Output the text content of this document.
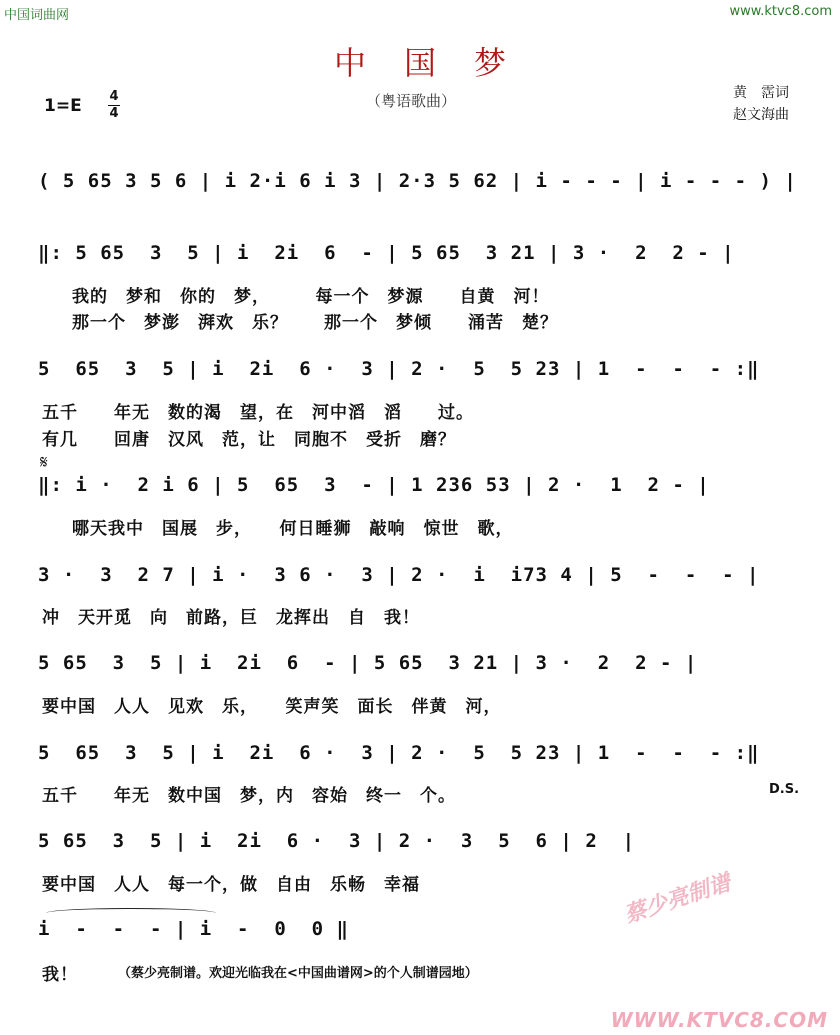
中国词曲网	www.ktvc8.com
中国梦
1=E 4
4
（粤语歌曲）	黄　霑词
赵文海曲
( 5 65 3 5 6 | i 2·i 6 i 3 | 2·3 5 62 | i - - - | i - - - ) |
‖: 5 65  3  5 | i  2i  6  - | 5 65  3 21 | 3 ·  2  2 - |
我的　梦和　你的　梦，　　　每一个　梦源　　自黄　河！
那一个　梦澎　湃欢　乐？　　那一个　梦倾　　涌苦　楚？
5  65  3  5 | i  2i  6 ·  3 | 2 ·  5  5 23 | 1  -  -  - :‖
五千　　年无　数的渴　望，在　河中滔　滔　　过。
有几　　回唐　汉风　范，让　同胞不　受折　磨？
𝄋
‖: i ·  2 i 6 | 5  65  3  - | 1 236 53 | 2 ·  1  2 - |
哪天我中　国展　步，　　何日睡狮　敲响　惊世　歌，
3 ·  3  2 7 | i ·  3 6 ·  3 | 2 ·  i  i73 4 | 5  -  -  - |
冲　天开觅　向　前路，巨　龙挥出　自　我！
5 65  3  5 | i  2i  6  - | 5 65  3 21 | 3 ·  2  2 - |
要中国　人人　见欢　乐，　　笑声笑　面长　伴黄　河，
5  65  3  5 | i  2i  6 ·  3 | 2 ·  5  5 23 | 1  -  -  - :‖
五千　　年无　数中国　梦，内　容始　终一　个。	D.S.
5 65  3  5 | i  2i  6 ·  3 | 2 ·  3  5  6 | 2  |
要中国　人人　每一个，做　自由　乐畅　幸福
i  -  -  - | i  -  0  0 ‖
我！	（蔡少亮制谱。欢迎光临我在<中国曲谱网>的个人制谱园地）
蔡少亮制谱
WWW.KTVC8.COM
